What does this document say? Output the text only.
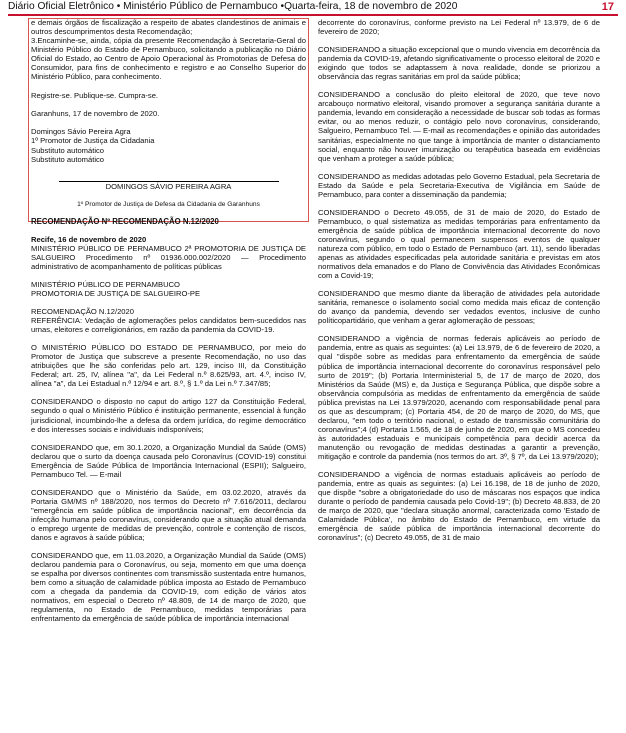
Diário Oficial Eletrônico • Ministério Público de Pernambuco •Quarta-feira, 18 de novembro de 2020	17

e demais órgãos de fiscalização a respeito de abates clandestinos de animais e outros descumprimentos desta Recomendação;

3.Encaminhe-se, ainda, cópia da presente Recomendação à Secretaria-Geral do Ministério Público do Estado de Pernambuco, solicitando a publicação no Diário Oficial do Estado, ao Centro de Apoio Operacional às Promotorias de Defesa do Consumidor, para fins de conhecimento e registro e ao Conselho Superior do Ministério Público, para conhecimento.

Registre-se. Publique-se. Cumpra-se.

Garanhuns, 17 de novembro de 2020.

Domingos Sávio Pereira Agra

1º Promotor de Justiça da Cidadania

Substituto automático

Substituto automático

DOMINGOS SÁVIO PEREIRA AGRA

1º Promotor de Justiça de Defesa da Cidadania de Garanhuns

RECOMENDAÇÃO Nº RECOMENDAÇÃO N.12/2020

Recife, 16 de novembro de 2020

MINISTÉRIO PÚBLICO DE PERNAMBUCO 2ª PROMOTORIA DE JUSTIÇA DE SALGUEIRO Procedimento nº 01936.000.002/2020 — Procedimento administrativo de acompanhamento de políticas públicas

MINISTÉRIO PÚBLICO DE PERNAMBUCO

PROMOTORIA DE JUSTIÇA DE SALGUEIRO-PE

RECOMENDAÇÃO N.12/2020

REFERÊNCIA: Vedação de aglomerações pelos candidatos bem-sucedidos nas urnas, eleitores e correligionários, em razão da pandemia da COVID-19.

O MINISTÉRIO PÚBLICO DO ESTADO DE PERNAMBUCO, por meio do Promotor de Justiça que subscreve a presente Recomendação, no uso das atribuições que lhe são conferidas pelo art. 129, inciso III, da Constituição Federal; art. 25, IV, alínea "a", da Lei Federal n.º 8.625/93, art. 4.º, inciso IV, alínea "a", da Lei Estadual n.º 12/94 e art. 8.º, § 1.º da Lei n.º 7.347/85;

CONSIDERANDO o disposto no caput do artigo 127 da Constituição Federal, segundo o qual o Ministério Público é instituição permanente, essencial à função jurisdicional, incumbindo-lhe a defesa da ordem jurídica, do regime democrático e dos interesses sociais e individuais indisponíveis;

CONSIDERANDO que, em 30.1.2020, a Organização Mundial da Saúde (OMS) declarou que o surto da doença causada pelo Coronavírus (COVID-19) constitui Emergência de Saúde Pública de Importância Internacional (ESPII); Salgueiro, Pernambuco Tel. — E-mail

CONSIDERANDO que o Ministério da Saúde, em 03.02.2020, através da Portaria GM/MS nº 188/2020, nos termos do Decreto nº 7.616/2011, declarou "emergência em saúde pública de importância nacional", em decorrência da infecção humana pelo coronavírus, considerando que a situação atual demanda o emprego urgente de medidas de prevenção, controle e contenção de riscos, danos e agravos à saúde pública;

CONSIDERANDO que, em 11.03.2020, a Organização Mundial da Saúde (OMS) declarou pandemia para o Coronavírus, ou seja, momento em que uma doença se espalha por diversos continentes com transmissão sustentada entre humanos, bem como a situação de calamidade pública imposta ao Estado de Pernambuco com a chegada da pandemia da COVID-19, com edição de vários atos normativos, em especial o Decreto nº 48.809, de 14 de março de 2020, que regulamenta, no Estado de Pernambuco, medidas temporárias para enfrentamento da emergência de saúde pública de importância internacional

decorrente do coronavírus, conforme previsto na Lei Federal nº 13.979, de 6 de fevereiro de 2020;

CONSIDERANDO a situação excepcional que o mundo vivencia em decorrência da pandemia da COVID-19, afetando significativamente o processo eleitoral de 2020 e exigindo que todos se adaptassem à nova realidade, donde se priorizou a observância das regras sanitárias em prol da saúde pública;

CONSIDERANDO a conclusão do pleito eleitoral de 2020, que teve novo arcabouço normativo eleitoral, visando promover a segurança sanitária durante a pandemia, levando em consideração a necessidade de buscar sob todas as formas evitar, ou ao menos reduzir, o contágio pelo novo coronavírus, considerando, Salgueiro, Pernambuco Tel. — E-mail as recomendações e opinião das autoridades sanitárias, especialmente no que tange à importância de manter o distanciamento social, enquanto não houver imunização ou terapêutica baseada em evidências que venham a proteger a saúde pública;

CONSIDERANDO as medidas adotadas pelo Governo Estadual, pela Secretaria de Estado da Saúde e pela Secretaria-Executiva de Vigilância em Saúde de Pernambuco, para conter a disseminação da pandemia;

CONSIDERANDO o Decreto 49.055, de 31 de maio de 2020, do Estado de Pernambuco, o qual sistematiza as medidas temporárias para enfrentamento da emergência de saúde pública de importância internacional decorrente do novo coronavírus, segundo o qual permanecem suspensos eventos de qualquer natureza com público, em todo o Estado de Pernambuco (art. 11), sendo liberadas apenas as atividades especificadas pela autoridade sanitária e previstas em atos normativos dela emanados e do Plano de Convivência das Atividades Econômicas com a Covid-19;

CONSIDERANDO que mesmo diante da liberação de atividades pela autoridade sanitária, remanesce o isolamento social como medida mais eficaz de contenção do avanço da pandemia, devendo ser vedados eventos, inclusive de cunho políticopartidário, que venham a gerar aglomeração de pessoas;

CONSIDERANDO a vigência de normas federais aplicáveis ao período de pandemia, entre as quais as seguintes: (a) Lei 13.979, de 6 de fevereiro de 2020, a qual "dispõe sobre as medidas para enfrentamento da emergência de saúde pública de importância internacional decorrente do coronavírus responsável pelo surto de 2019"; (b) Portaria Interministerial 5, de 17 de março de 2020, dos Ministérios da Saúde (MS) e, da Justiça e Segurança Pública, que dispõe sobre a observância compulsória as medidas de enfrentamento da emergência de saúde pública previstas na Lei 13.979/2020, acenando com responsabilidade penal para os que as descumpram; (c) Portaria 454, de 20 de março de 2020, do MS, que declarou, "em todo o território nacional, o estado de transmissão comunitária do coronavírus";4 (d) Portaria 1.565, de 18 de junho de 2020, em que o MS concedeu às autoridades estaduais e municipais competência para decidir acerca da manutenção ou revogação de medidas destinadas a garantir a prevenção, mitigação e controle da pandemia (nos termos do art. 3º, § 7º, da Lei 13.979/2020);

CONSIDERANDO a vigência de normas estaduais aplicáveis ao período de pandemia, entre as quais as seguintes: (a) Lei 16.198, de 18 de junho de 2020, que dispõe "sobre a obrigatoriedade do uso de máscaras nos espaços que indica durante o período de pandemia causada pelo Covid-19"; (b) Decreto 48.833, de 20 de março de 2020, que "declara situação anormal, caracterizada como 'Estado de Calamidade Pública', no âmbito do Estado de Pernambuco, em virtude da emergência de saúde pública de importância internacional decorrente do coronavírus"; (c) Decreto 49.055, de 31 de maio
